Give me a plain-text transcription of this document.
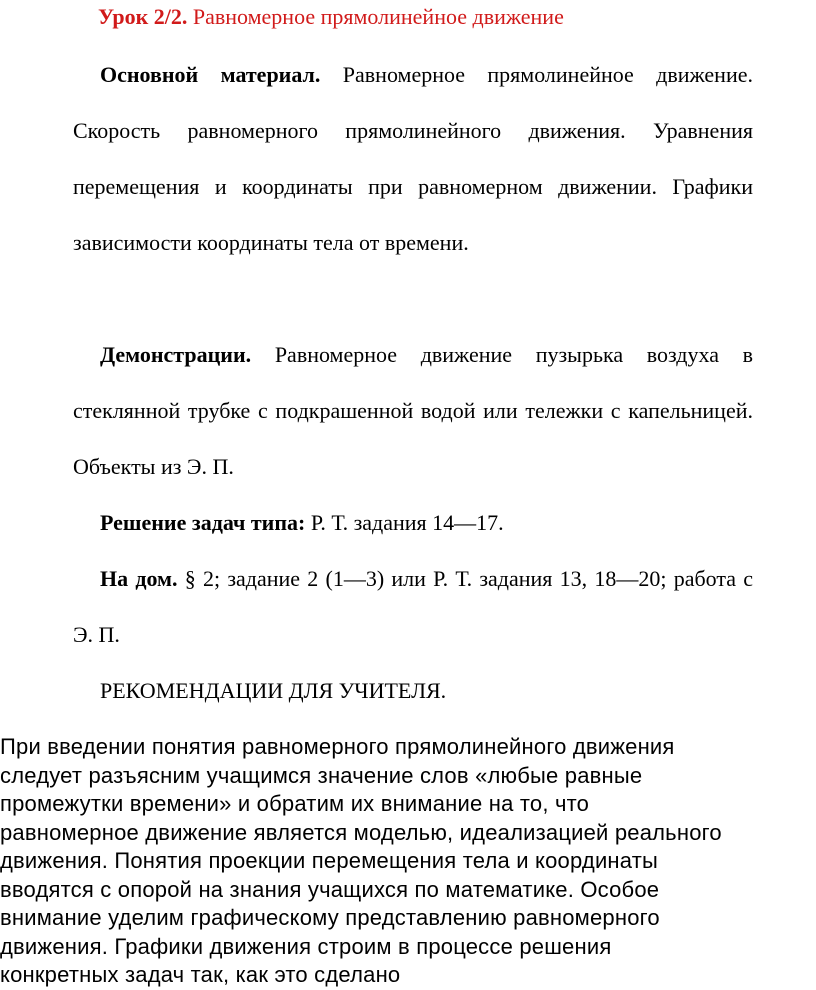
Урок 2/2. Равномерное прямолинейное движение

Основной материал. Равномерное прямолинейное движение. Скорость равномерного прямолинейного движения. Уравнения перемещения и координаты при равномерном движении. Графики зависимости координаты тела от времени.

Демонстрации. Равномерное движение пузырька воздуха в стеклянной трубке с подкрашенной водой или тележки с капельницей. Объекты из Э. П.

Решение задач типа: Р. Т. задания 14—17.

На дом. § 2; задание 2 (1—3) или Р. Т. задания 13, 18—20; работа с Э. П.

РЕКОМЕНДАЦИИ ДЛЯ УЧИТЕЛЯ.

При введении понятия равномерного прямолинейного движения
следует разъясним учащимся значение слов «любые равные
промежутки времени» и обратим их внимание на то, что
равномерное движение является моделью, идеализацией реального
движения. Понятия проекции перемещения тела и координаты
вводятся с опорой на знания учащихся по математике. Особое
внимание уделим графическому представлению равномерного
движения. Графики движения строим в процессе решения
конкретных задач так, как это сделано
